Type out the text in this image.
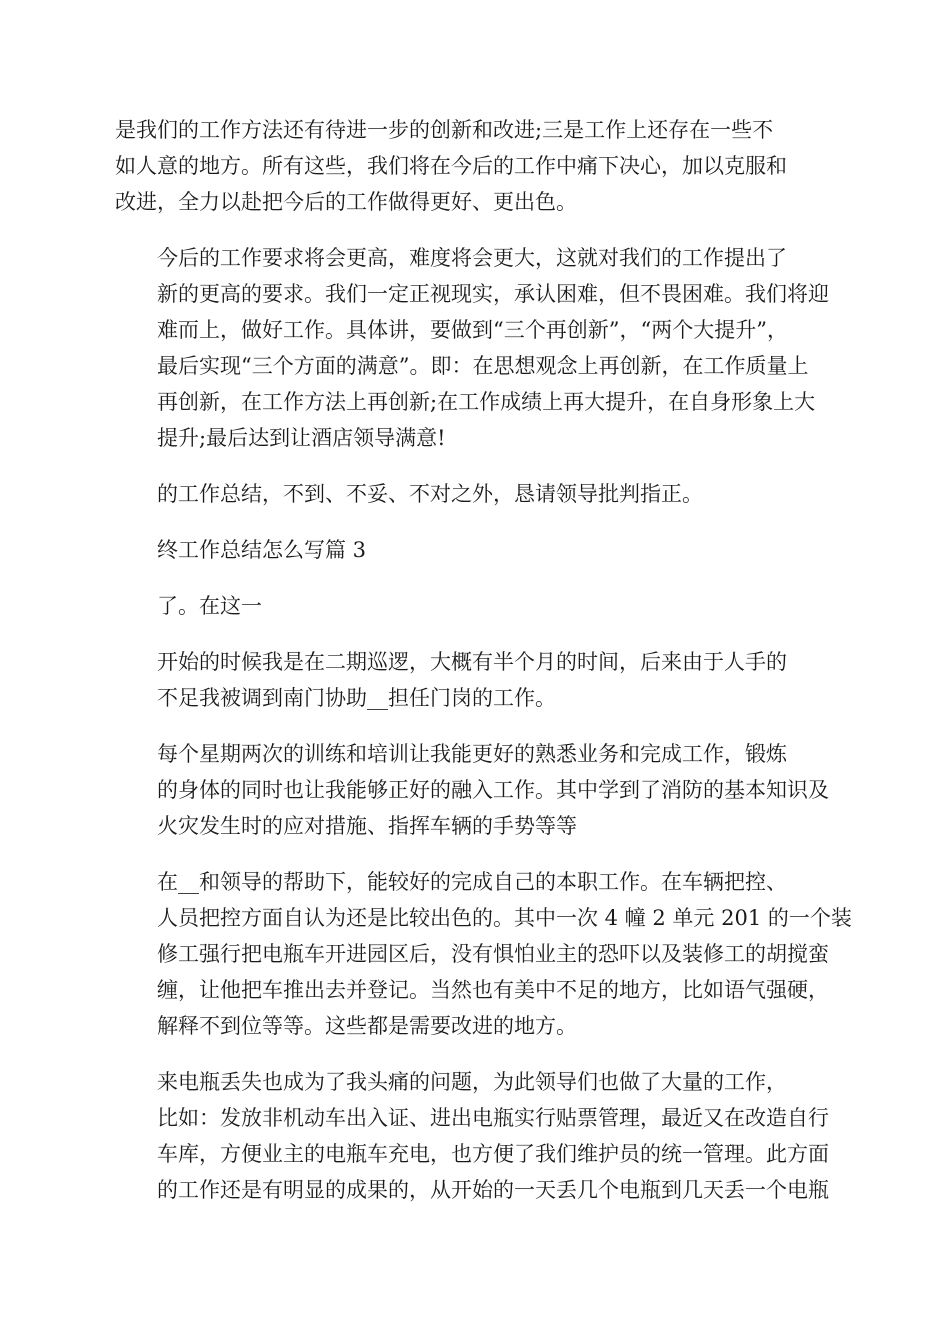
是我们的工作方法还有待进一步的创新和改进;三是工作上还存在一些不
如人意的地方。所有这些，我们将在今后的工作中痛下决心，加以克服和
改进，全力以赴把今后的工作做得更好、更出色。

今后的工作要求将会更高，难度将会更大，这就对我们的工作提出了
新的更高的要求。我们一定正视现实，承认困难，但不畏困难。我们将迎
难而上，做好工作。具体讲，要做到“三个再创新”，“两个大提升”，
最后实现“三个方面的满意”。即：在思想观念上再创新，在工作质量上
再创新，在工作方法上再创新;在工作成绩上再大提升，在自身形象上大
提升;最后达到让酒店领导满意!

的工作总结，不到、不妥、不对之外，恳请领导批判指正。

终工作总结怎么写篇 3

了。在这一

开始的时候我是在二期巡逻，大概有半个月的时间，后来由于人手的
不足我被调到南门协助__担任门岗的工作。

每个星期两次的训练和培训让我能更好的熟悉业务和完成工作，锻炼
的身体的同时也让我能够正好的融入工作。其中学到了消防的基本知识及
火灾发生时的应对措施、指挥车辆的手势等等

在__和领导的帮助下，能较好的完成自己的本职工作。在车辆把控、
人员把控方面自认为还是比较出色的。其中一次 4 幢 2 单元 201 的一个装
修工强行把电瓶车开进园区后，没有惧怕业主的恐吓以及装修工的胡搅蛮
缠，让他把车推出去并登记。当然也有美中不足的地方，比如语气强硬，
解释不到位等等。这些都是需要改进的地方。

来电瓶丢失也成为了我头痛的问题，为此领导们也做了大量的工作，
比如：发放非机动车出入证、进出电瓶实行贴票管理，最近又在改造自行
车库，方便业主的电瓶车充电，也方便了我们维护员的统一管理。此方面
的工作还是有明显的成果的，从开始的一天丢几个电瓶到几天丢一个电瓶
